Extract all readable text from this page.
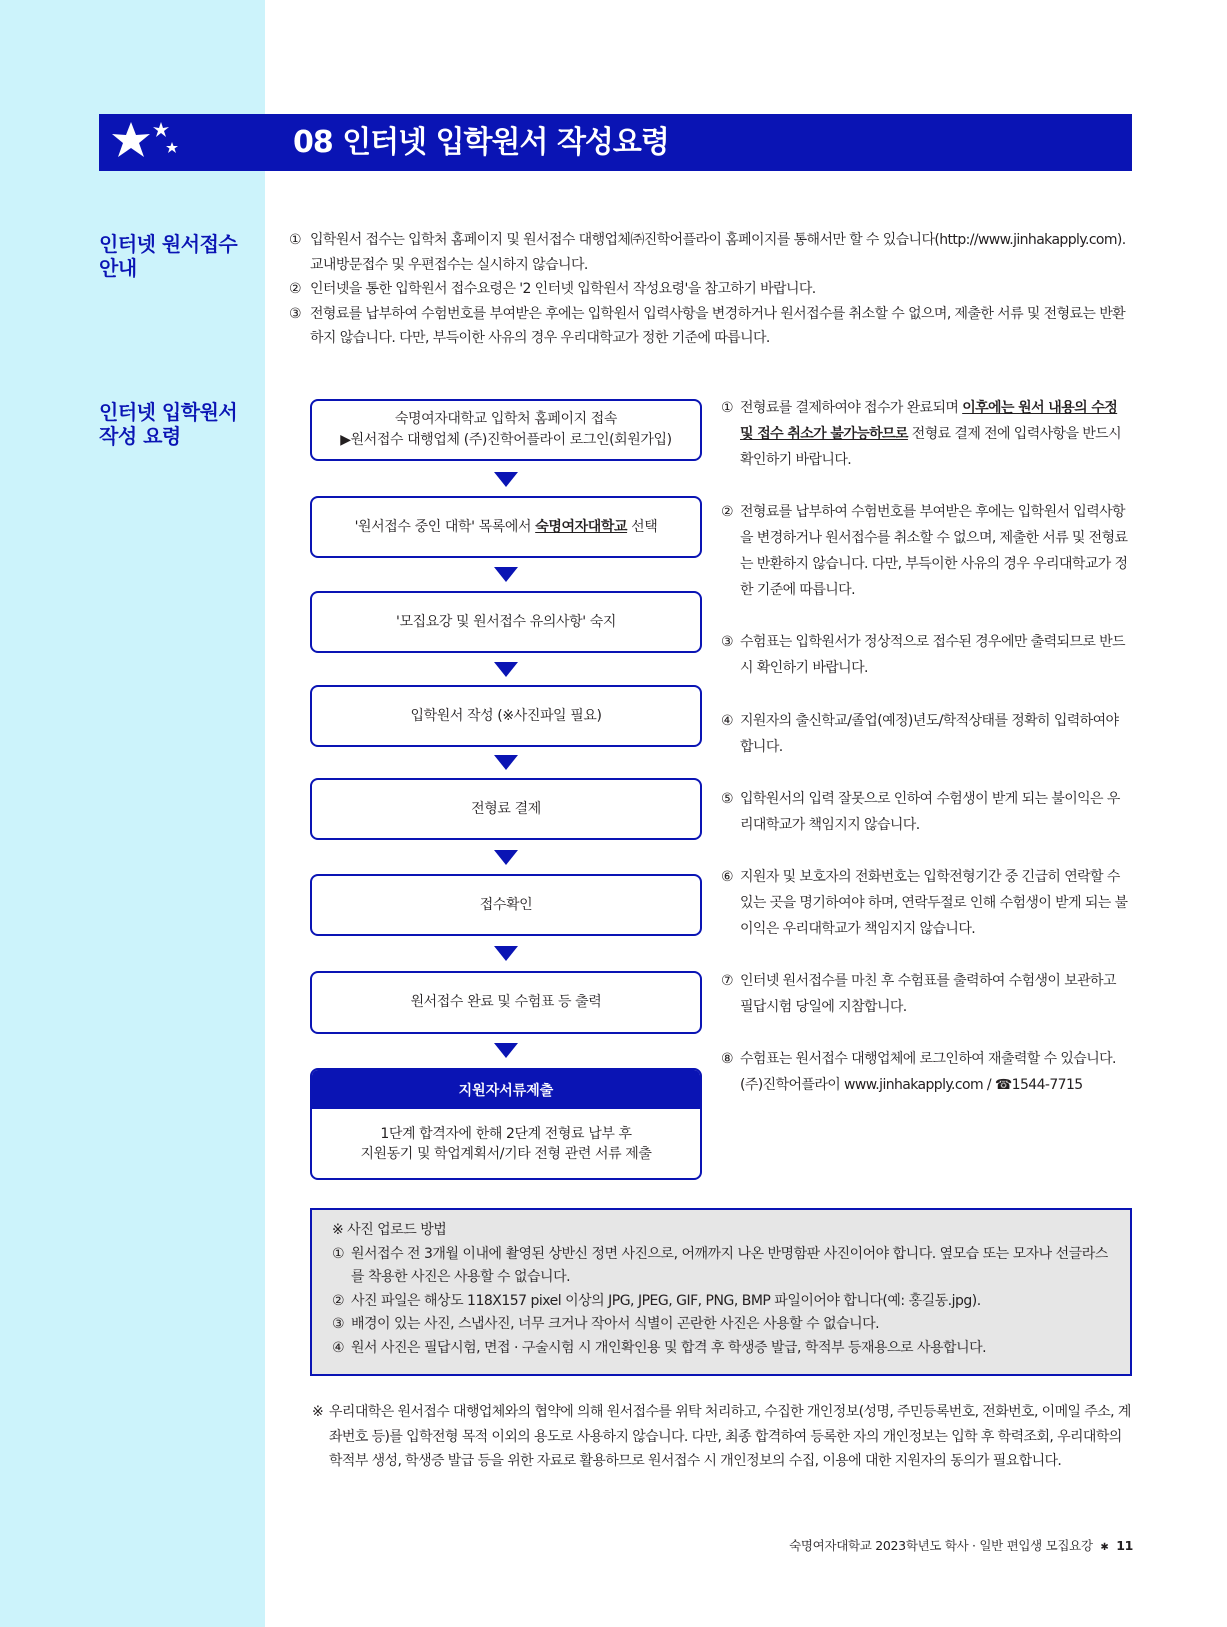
08 인터넷 입학원서 작성요령
인터넷 원서접수
안내
인터넷 입학원서
작성 요령
① 입학원서 접수는 입학처 홈페이지 및 원서접수 대행업체㈜진학어플라이 홈페이지를 통해서만 할 수 있습니다(http://www.jinhakapply.com). 교내방문접수 및 우편접수는 실시하지 않습니다.
② 인터넷을 통한 입학원서 접수요령은 '2 인터넷 입학원서 작성요령'을 참고하기 바랍니다.
③ 전형료를 납부하여 수험번호를 부여받은 후에는 입학원서 입력사항을 변경하거나 원서접수를 취소할 수 없으며, 제출한 서류 및 전형료는 반환하지 않습니다. 다만, 부득이한 사유의 경우 우리대학교가 정한 기준에 따릅니다.
숙명여자대학교 입학처 홈페이지 접속
▶원서접수 대행업체 (주)진학어플라이 로그인(회원가입)
'원서접수 중인 대학' 목록에서 숙명여자대학교 선택
'모집요강 및 원서접수 유의사항' 숙지
입학원서 작성 (※사진파일 필요)
전형료 결제
접수확인
원서접수 완료 및 수험표 등 출력
지원자서류제출
1단계 합격자에 한해 2단계 전형료 납부 후
지원동기 및 학업계획서/기타 전형 관련 서류 제출
① 전형료를 결제하여야 접수가 완료되며 이후에는 원서 내용의 수정 및 접수 취소가 불가능하므로 전형료 결제 전에 입력사항을 반드시 확인하기 바랍니다.
② 전형료를 납부하여 수험번호를 부여받은 후에는 입학원서 입력사항을 변경하거나 원서접수를 취소할 수 없으며, 제출한 서류 및 전형료는 반환하지 않습니다. 다만, 부득이한 사유의 경우 우리대학교가 정한 기준에 따릅니다.
③ 수험표는 입학원서가 정상적으로 접수된 경우에만 출력되므로 반드시 확인하기 바랍니다.
④ 지원자의 출신학교/졸업(예정)년도/학적상태를 정확히 입력하여야 합니다.
⑤ 입학원서의 입력 잘못으로 인하여 수험생이 받게 되는 불이익은 우리대학교가 책임지지 않습니다.
⑥ 지원자 및 보호자의 전화번호는 입학전형기간 중 긴급히 연락할 수 있는 곳을 명기하여야 하며, 연락두절로 인해 수험생이 받게 되는 불이익은 우리대학교가 책임지지 않습니다.
⑦ 인터넷 원서접수를 마친 후 수험표를 출력하여 수험생이 보관하고 필답시험 당일에 지참합니다.
⑧ 수험표는 원서접수 대행업체에 로그인하여 재출력할 수 있습니다. (주)진학어플라이 www.jinhakapply.com / ☎1544-7715
※ 사진 업로드 방법
① 원서접수 전 3개월 이내에 촬영된 상반신 정면 사진으로, 어깨까지 나온 반명함판 사진이어야 합니다. 옆모습 또는 모자나 선글라스를 착용한 사진은 사용할 수 없습니다.
② 사진 파일은 해상도 118X157 pixel 이상의 JPG, JPEG, GIF, PNG, BMP 파일이어야 합니다(예: 홍길동.jpg).
③ 배경이 있는 사진, 스냅사진, 너무 크거나 작아서 식별이 곤란한 사진은 사용할 수 없습니다.
④ 원서 사진은 필답시험, 면접 · 구술시험 시 개인확인용 및 합격 후 학생증 발급, 학적부 등재용으로 사용합니다.
※ 우리대학은 원서접수 대행업체와의 협약에 의해 원서접수를 위탁 처리하고, 수집한 개인정보(성명, 주민등록번호, 전화번호, 이메일 주소, 계좌번호 등)를 입학전형 목적 이외의 용도로 사용하지 않습니다. 다만, 최종 합격하여 등록한 자의 개인정보는 입학 후 학력조회, 우리대학의 학적부 생성, 학생증 발급 등을 위한 자료로 활용하므로 원서접수 시 개인정보의 수집, 이용에 대한 지원자의 동의가 필요합니다.
숙명여자대학교 2023학년도 학사 · 일반 편입생 모집요강 ✱ 11
